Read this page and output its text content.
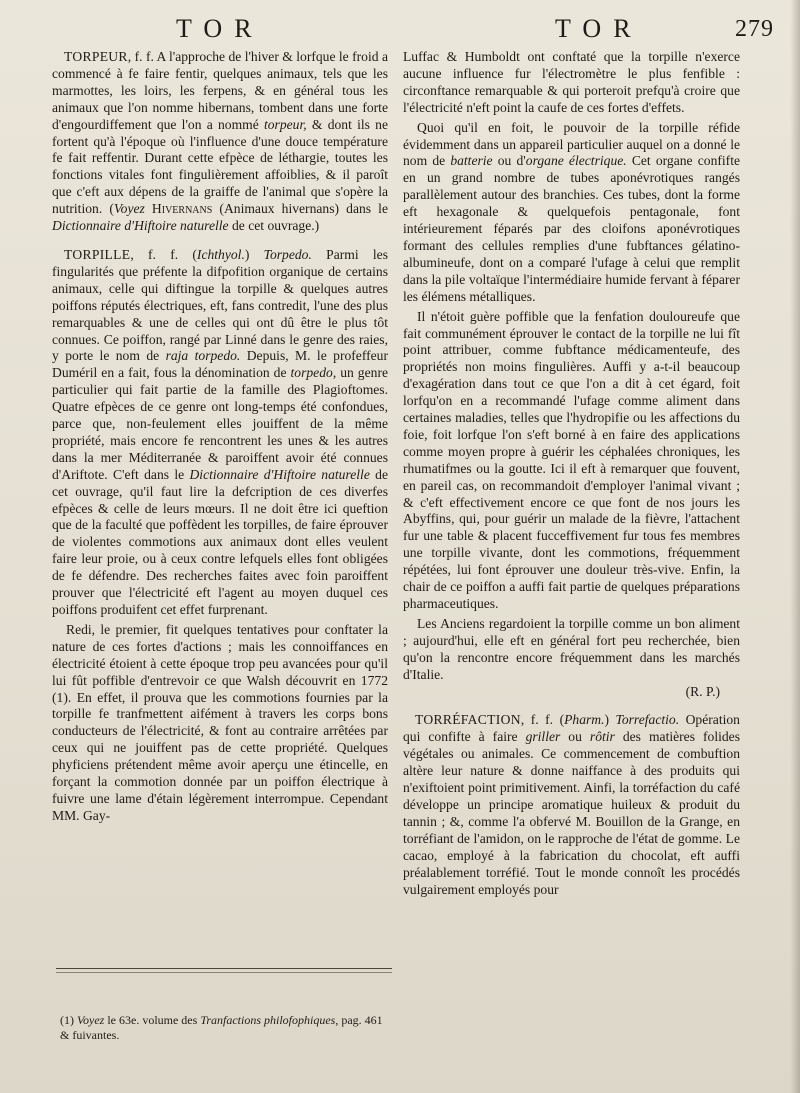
TOR	TOR	279

TORPEUR, f. f. A l'approche de l'hiver & lorfque le froid a commencé à fe faire fentir, quelques animaux, tels que les marmottes, les loirs, les ferpens, & en général tous les animaux que l'on nomme hibernans, tombent dans une forte d'engourdiffement que l'on a nommé torpeur, & dont ils ne fortent qu'à l'époque où l'influence d'une douce température fe fait reffentir. Durant cette efpèce de léthargie, toutes les fonctions vitales font fingulièrement affoiblies, & il paroît que c'eft aux dépens de la graiffe de l'animal que s'opère la nutrition. (Voyez Hivernans (Animaux hivernans) dans le Dictionnaire d'Hiftoire naturelle de cet ouvrage.)

TORPILLE, f. f. (Ichthyol.) Torpedo. Parmi les fingularités que préfente la difpofition organique de certains animaux, celle qui diftingue la torpille & quelques autres poiffons réputés électriques, eft, fans contredit, l'une des plus remarquables & une de celles qui ont dû être le plus tôt connues. Ce poiffon, rangé par Linné dans le genre des raies, y porte le nom de raja torpedo. Depuis, M. le profeffeur Duméril en a fait, fous la dénomination de torpedo, un genre particulier qui fait partie de la famille des Plagioftomes. Quatre efpèces de ce genre ont long-temps été confondues, parce que, non-feulement elles jouiffent de la même propriété, mais encore fe rencontrent les unes & les autres dans la mer Méditerranée & paroiffent avoir été connues d'Ariftote. C'eft dans le Dictionnaire d'Hiftoire naturelle de cet ouvrage, qu'il faut lire la defcription de ces diverfes efpèces & celle de leurs mœurs. Il ne doit être ici queftion que de la faculté que poffèdent les torpilles, de faire éprouver de violentes commotions aux animaux dont elles veulent faire leur proie, ou à ceux contre lefquels elles font obligées de fe défendre. Des recherches faites avec foin paroiffent prouver que l'électricité eft l'agent au moyen duquel ces poiffons produifent cet effet furprenant.

Redi, le premier, fit quelques tentatives pour conftater la nature de ces fortes d'actions ; mais les connoiffances en électricité étoient à cette époque trop peu avancées pour qu'il lui fût poffible d'entrevoir ce que Walsh découvrit en 1772 (1). En effet, il prouva que les commotions fournies par la torpille fe tranfmettent aifément à travers les corps bons conducteurs de l'électricité, & font au contraire arrêtées par ceux qui ne jouiffent pas de cette propriété. Quelques phyficiens prétendent même avoir aperçu une étincelle, en forçant la commotion donnée par un poiffon électrique à fuivre une lame d'étain légèrement interrompue. Cependant MM. Gay-

(1) Voyez le 63e. volume des Tranfactions philofophiques, pag. 461 & fuivantes.

Luffac & Humboldt ont conftaté que la torpille n'exerce aucune influence fur l'électromètre le plus fenfible : circonftance remarquable & qui porteroit prefqu'à croire que l'électricité n'eft point la caufe de ces fortes d'effets.

Quoi qu'il en foit, le pouvoir de la torpille réfide évidemment dans un appareil particulier auquel on a donné le nom de batterie ou d'organe électrique. Cet organe confifte en un grand nombre de tubes aponévrotiques rangés parallèlement autour des branchies. Ces tubes, dont la forme eft hexagonale & quelquefois pentagonale, font intérieurement féparés par des cloifons aponévrotiques formant des cellules remplies d'une fubftances gélatino-albumineufe, dont on a comparé l'ufage à celui que remplit dans la pile voltaïque l'intermédiaire humide fervant à féparer les élémens métalliques.

Il n'étoit guère poffible que la fenfation douloureufe que fait communément éprouver le contact de la torpille ne lui fît point attribuer, comme fubftance médicamenteufe, des propriétés non moins fingulières. Auffi y a-t-il beaucoup d'exagération dans tout ce que l'on a dit à cet égard, foit lorfqu'on en a recommandé l'ufage comme aliment dans certaines maladies, telles que l'hydropifie ou les affections du foie, foit lorfque l'on s'eft borné à en faire des applications comme moyen propre à guérir les céphalées chroniques, les rhumatifmes ou la goutte. Ici il eft à remarquer que fouvent, en pareil cas, on recommandoit d'employer l'animal vivant ; & c'eft effectivement encore ce que font de nos jours les Abyffins, qui, pour guérir un malade de la fièvre, l'attachent fur une table & placent fucceffivement fur tous fes membres une torpille vivante, dont les commotions, fréquemment répétées, lui font éprouver une douleur très-vive. Enfin, la chair de ce poiffon a auffi fait partie de quelques préparations pharmaceutiques.

Les Anciens regardoient la torpille comme un bon aliment ; aujourd'hui, elle eft en général fort peu recherchée, bien qu'on la rencontre encore fréquemment dans les marchés d'Italie.

(R. P.)

TORRÉFACTION, f. f. (Pharm.) Torrefactio. Opération qui confifte à faire griller ou rôtir des matières folides végétales ou animales. Ce commencement de combuftion altère leur nature & donne naiffance à des produits qui n'exiftoient point primitivement. Ainfi, la torréfaction du café développe un principe aromatique huileux & produit du tannin ; &, comme l'a obfervé M. Bouillon de la Grange, en torréfiant de l'amidon, on le rapproche de l'état de gomme. Le cacao, employé à la fabrication du chocolat, eft auffi préalablement torréfié. Tout le monde connoît les procédés vulgairement employés pour
